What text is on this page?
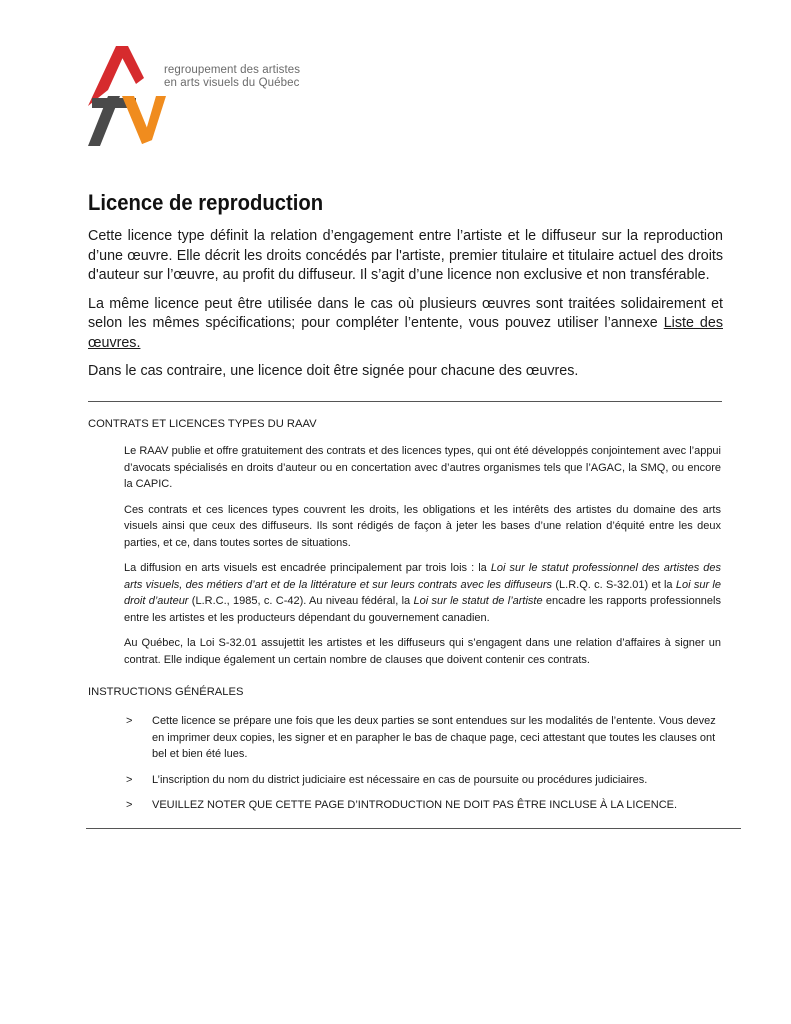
regroupement des artistes
en arts visuels du Québec
Licence de reproduction

Cette licence type définit la relation d’engagement entre l’artiste et le diffuseur sur la reproduction d’une œuvre. Elle décrit les droits concédés par l'artiste, premier titulaire et titulaire actuel des droits d'auteur sur l’œuvre, au profit du diffuseur. Il s’agit d’une licence non exclusive et non transférable.

La même licence peut être utilisée dans le cas où plusieurs œuvres sont traitées solidairement et selon les mêmes spécifications; pour compléter l’entente, vous pouvez utiliser l’annexe Liste des œuvres.

Dans le cas contraire, une licence doit être signée pour chacune des œuvres.

CONTRATS ET LICENCES TYPES DU RAAV

Le RAAV publie et offre gratuitement des contrats et des licences types, qui ont été développés conjointement avec l’appui d’avocats spécialisés en droits d’auteur ou en concertation avec d’autres organismes tels que l’AGAC, la SMQ, ou encore la CAPIC.

Ces contrats et ces licences types couvrent les droits, les obligations et les intérêts des artistes du domaine des arts visuels ainsi que ceux des diffuseurs. Ils sont rédigés de façon à jeter les bases d’une relation d’équité entre les deux parties, et ce, dans toutes sortes de situations.

La diffusion en arts visuels est encadrée principalement par trois lois : la Loi sur le statut professionnel des artistes des arts visuels, des métiers d’art et de la littérature et sur leurs contrats avec les diffuseurs (L.R.Q. c. S-32.01) et la Loi sur le droit d’auteur (L.R.C., 1985, c. C-42). Au niveau fédéral, la Loi sur le statut de l’artiste encadre les rapports professionnels entre les artistes et les producteurs dépendant du gouvernement canadien.

Au Québec, la Loi S-32.01 assujettit les artistes et les diffuseurs qui s’engagent dans une relation d’affaires à signer un contrat. Elle indique également un certain nombre de clauses que doivent contenir ces contrats.

INSTRUCTIONS GÉNÉRALES
> Cette licence se prépare une fois que les deux parties se sont entendues sur les modalités de l’entente. Vous devez en imprimer deux copies, les signer et en parapher le bas de chaque page, ceci attestant que toutes les clauses ont bel et bien été lues.
> L’inscription du nom du district judiciaire est nécessaire en cas de poursuite ou procédures judiciaires.
> VEUILLEZ NOTER QUE CETTE PAGE D’INTRODUCTION NE DOIT PAS ÊTRE INCLUSE À LA LICENCE.
